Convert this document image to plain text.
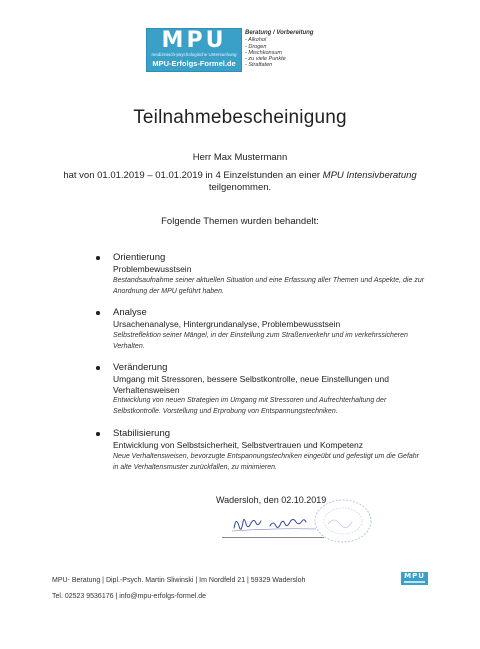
MPU
medizinisch-psychologische Untersuchung
MPU-Erfolgs-Formel.de
Beratung / Vorbereitung
- Alkohol
- Drogen
- Mischkonsum
- zu viele Punkte
- Straftaten
Teilnahmebescheinigung
Herr Max Mustermann
hat von 01.01.2019 – 01.01.2019 in 4 Einzelstunden an einer MPU Intensivberatung
teilgenommen.
Folgende Themen wurden behandelt:
Orientierung
Problembewusstsein
Bestandsaufnahme seiner aktuellen Situation und eine Erfassung aller Themen und Aspekte, die zur Anordnung der MPU geführt haben.
Analyse
Ursachenanalyse, Hintergrundanalyse, Problembewusstsein
Selbstreflektion seiner Mängel, in der Einstellung zum Straßenverkehr und im verkehrssicheren Verhalten.
Veränderung
Umgang mit Stressoren, bessere Selbstkontrolle, neue Einstellungen und Verhaltensweisen
Entwicklung von neuen Strategien im Umgang mit Stressoren und Aufrechterhaltung der Selbstkontrolle. Vorstellung und Erprobung von Entspannungstechniken.
Stabilisierung
Entwicklung von Selbstsicherheit, Selbstvertrauen und Kompetenz
Neue Verhaltensweisen, bevorzugte Entspannungstechniken eingeübt und gefestigt um die Gefahr in alte Verhaltensmuster zurückfallen, zu minimieren.
Wadersloh, den 02.10.2019
MPU- Beratung | Dipl.-Psych. Martin Sliwinski | Im Nordfeld 21 | 59329 Wadersloh
Tel. 02523 9536176 | info@mpu-erfolgs-formel.de
MPU
